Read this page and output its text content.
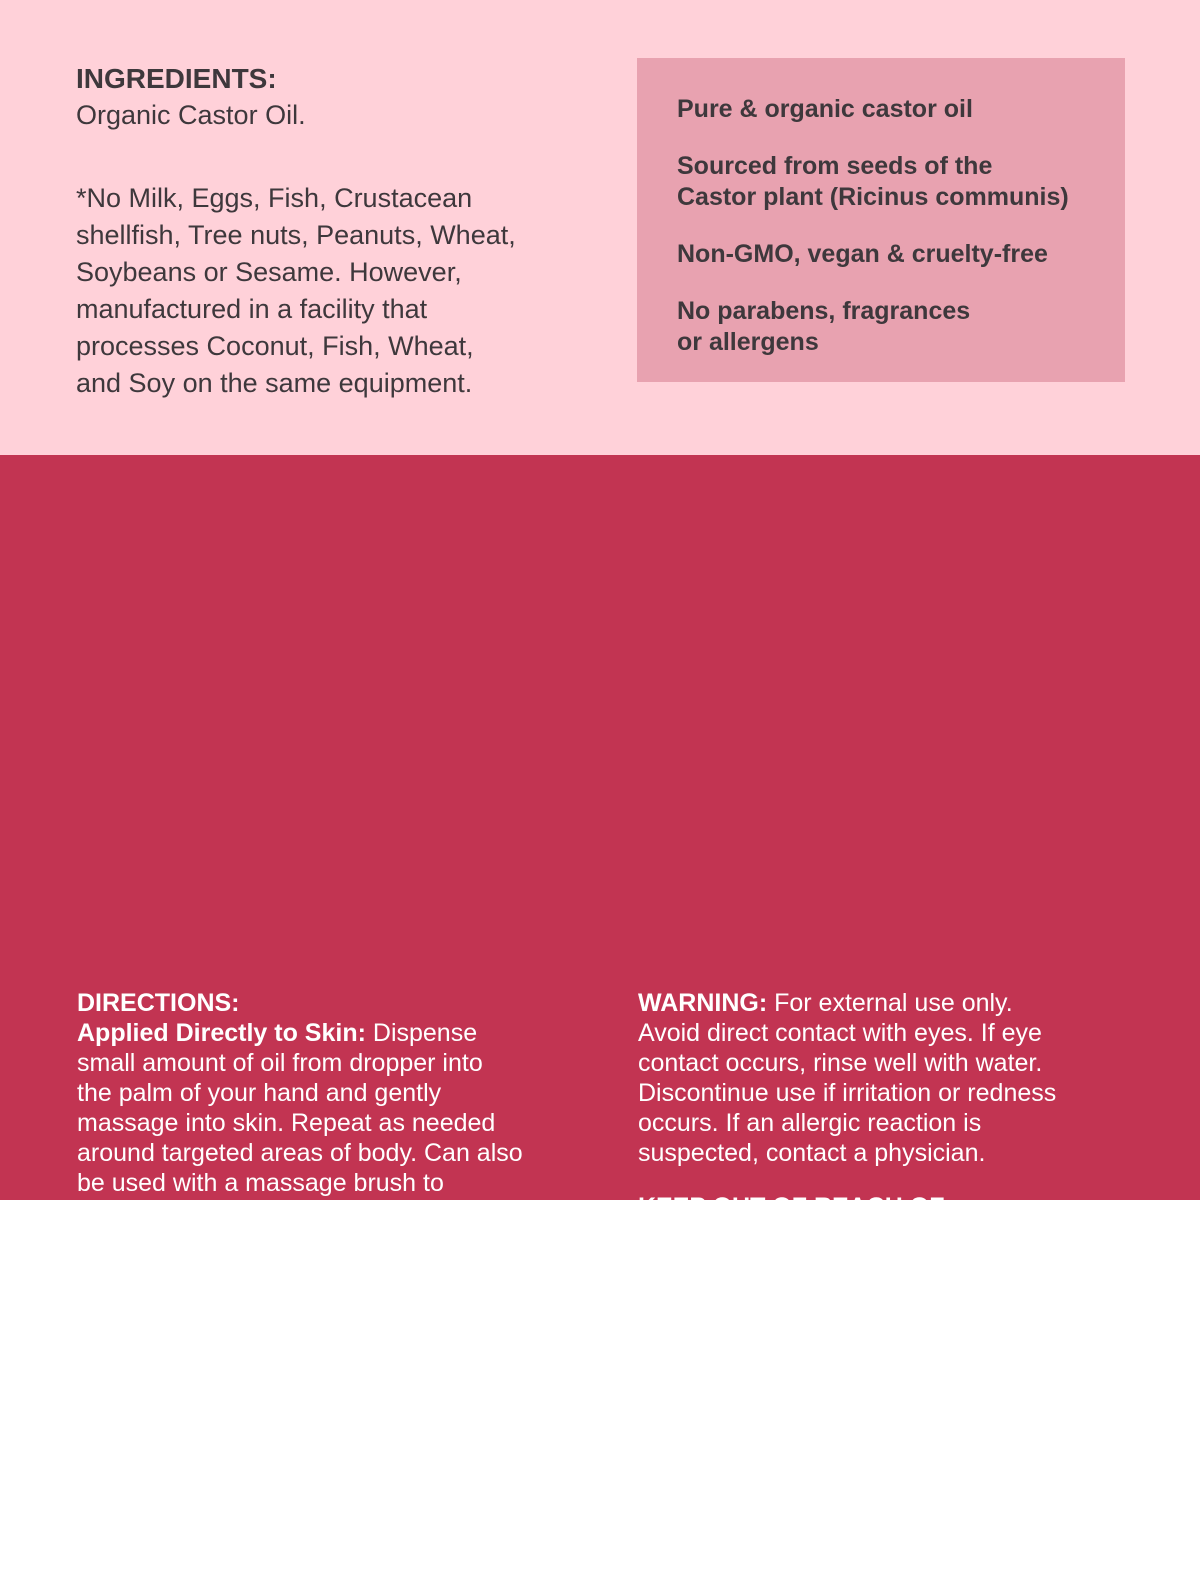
INGREDIENTS:
Organic Castor Oil.
*No Milk, Eggs, Fish, Crustacean
shellfish, Tree nuts, Peanuts, Wheat,
Soybeans or Sesame. However,
manufactured in a facility that
processes Coconut, Fish, Wheat,
and Soy on the same equipment.
Pure & organic castor oil
Sourced from seeds of the
Castor plant (Ricinus communis)
Non-GMO, vegan & cruelty-free
No parabens, fragrances
or allergens
DIRECTIONS:
Applied Directly to Skin: Dispense
small amount of oil from dropper into
the palm of your hand and gently
massage into skin. Repeat as needed
around targeted areas of body. Can also
be used with a massage brush to
enhance cleansing.
Massaged into Hair: Dispense oil from
dropper directly onto scalp or into the
palm of your hand and gently massage
into hair starting with the scalp and
leading to the ends. Use more as
necessary to ensure proper coverage.
Eyebrows & Lashes: Place a small
amount of oil on a mascara or liner
brush and gently apply. Remove excess
oil with a tissue.
WARNING: For external use only.
Avoid direct contact with eyes. If eye
contact occurs, rinse well with water.
Discontinue use if irritation or redness
occurs. If an allergic reaction is
suspected, contact a physician.
KEEP OUT OF REACH OF
CHILDREN. Keep bottle tightly closed
and store in a cool, dry place.
DISTRIBUTED BY:
M3 Naturals Ventures, LLC
239 2nd AVE. S, 2nd FLOOR
ST. PETERSBURG, FL 33701
support@m3naturals.com
PRODUCT OF INDIA
Certified Organic by Utah
Department of Agriculture and Food.
